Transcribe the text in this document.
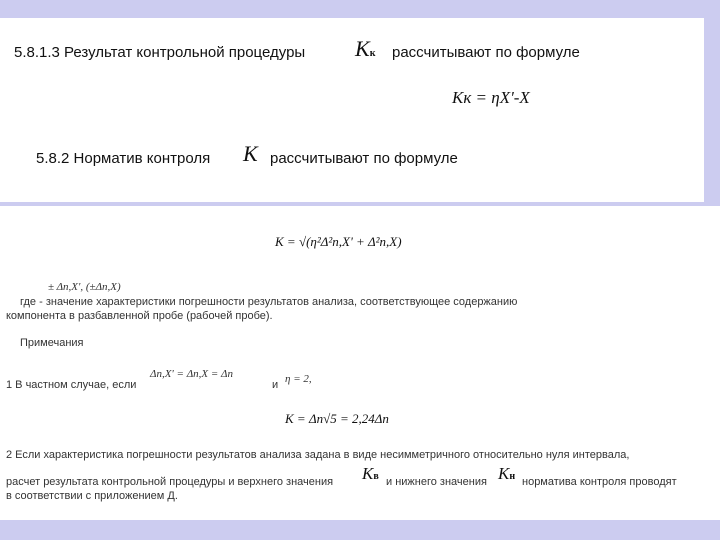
5.8.1.3 Результат контрольной процедуры Kк рассчитывают по формуле
Kк = ηX'-X
5.8.2 Норматив контроля K рассчитывают по формуле
K = √(η²Δ²п,X' + Δ²п,X)
± Δп,X', (±Δп,X)
где - значение характеристики погрешности результатов анализа, соответствующее содержанию
компонента в разбавленной пробе (рабочей пробе).
Примечания
1 В частном случае, если
Δп,X' = Δп,X = Δп
и η = 2,
K = Δп√5 = 2,24Δп
2 Если характеристика погрешности результатов анализа задана в виде несимметричного относительно нуля интервала,
расчет результата контрольной процедуры и верхнего значения Kв и нижнего значения Kн норматива контроля проводят
в соответствии с приложением Д.
